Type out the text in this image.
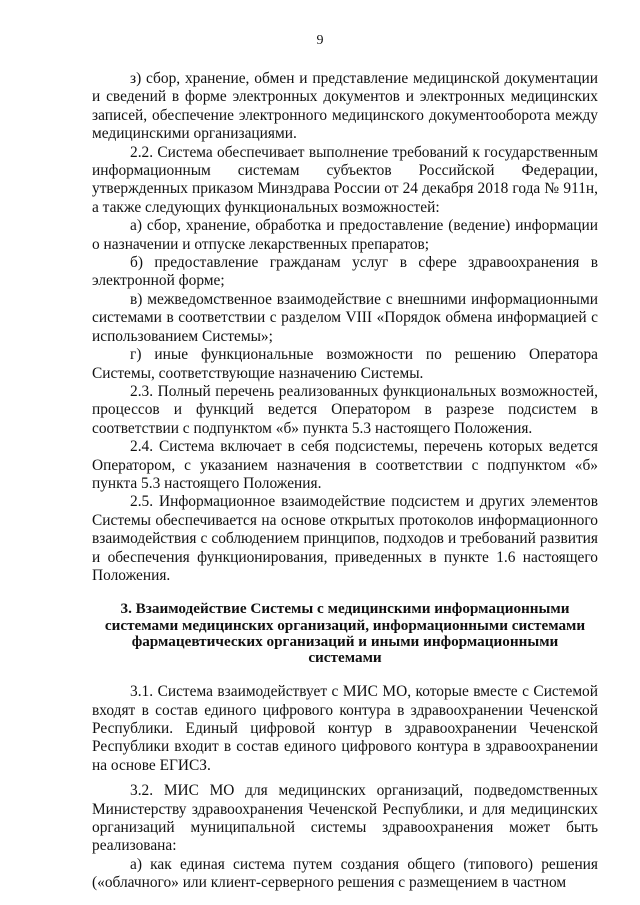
9

з) сбор, хранение, обмен и представление медицинской документации и сведений в форме электронных документов и электронных медицинских записей, обеспечение электронного медицинского документооборота между медицинскими организациями.

2.2. Система обеспечивает выполнение требований к государственным информационным системам субъектов Российской Федерации, утвержденных приказом Минздрава России от 24 декабря 2018 года № 911н, а также следующих функциональных возможностей:

а) сбор, хранение, обработка и предоставление (ведение) информации о назначении и отпуске лекарственных препаратов;

б) предоставление гражданам услуг в сфере здравоохранения в электронной форме;

в) межведомственное взаимодействие с внешними информационными системами в соответствии с разделом VIII «Порядок обмена информацией с использованием Системы»;

г) иные функциональные возможности по решению Оператора Системы, соответствующие назначению Системы.

2.3. Полный перечень реализованных функциональных возможностей, процессов и функций ведется Оператором в разрезе подсистем в соответствии с подпунктом «б» пункта 5.3 настоящего Положения.

2.4. Система включает в себя подсистемы, перечень которых ведется Оператором, с указанием назначения в соответствии с подпунктом «б» пункта 5.3 настоящего Положения.

2.5. Информационное взаимодействие подсистем и других элементов Системы обеспечивается на основе открытых протоколов информационного взаимодействия с соблюдением принципов, подходов и требований развития и обеспечения функционирования, приведенных в пункте 1.6 настоящего Положения.

3. Взаимодействие Системы с медицинскими информационными системами медицинских организаций, информационными системами фармацевтических организаций и иными информационными системами

3.1. Система взаимодействует с МИС МО, которые вместе с Системой входят в состав единого цифрового контура в здравоохранении Чеченской Республики. Единый цифровой контур в здравоохранении Чеченской Республики входит в состав единого цифрового контура в здравоохранении на основе ЕГИСЗ.

3.2. МИС МО для медицинских организаций, подведомственных Министерству здравоохранения Чеченской Республики, и для медицинских организаций муниципальной системы здравоохранения может быть реализована:

а) как единая система путем создания общего (типового) решения («облачного» или клиент-серверного решения с размещением в частном
